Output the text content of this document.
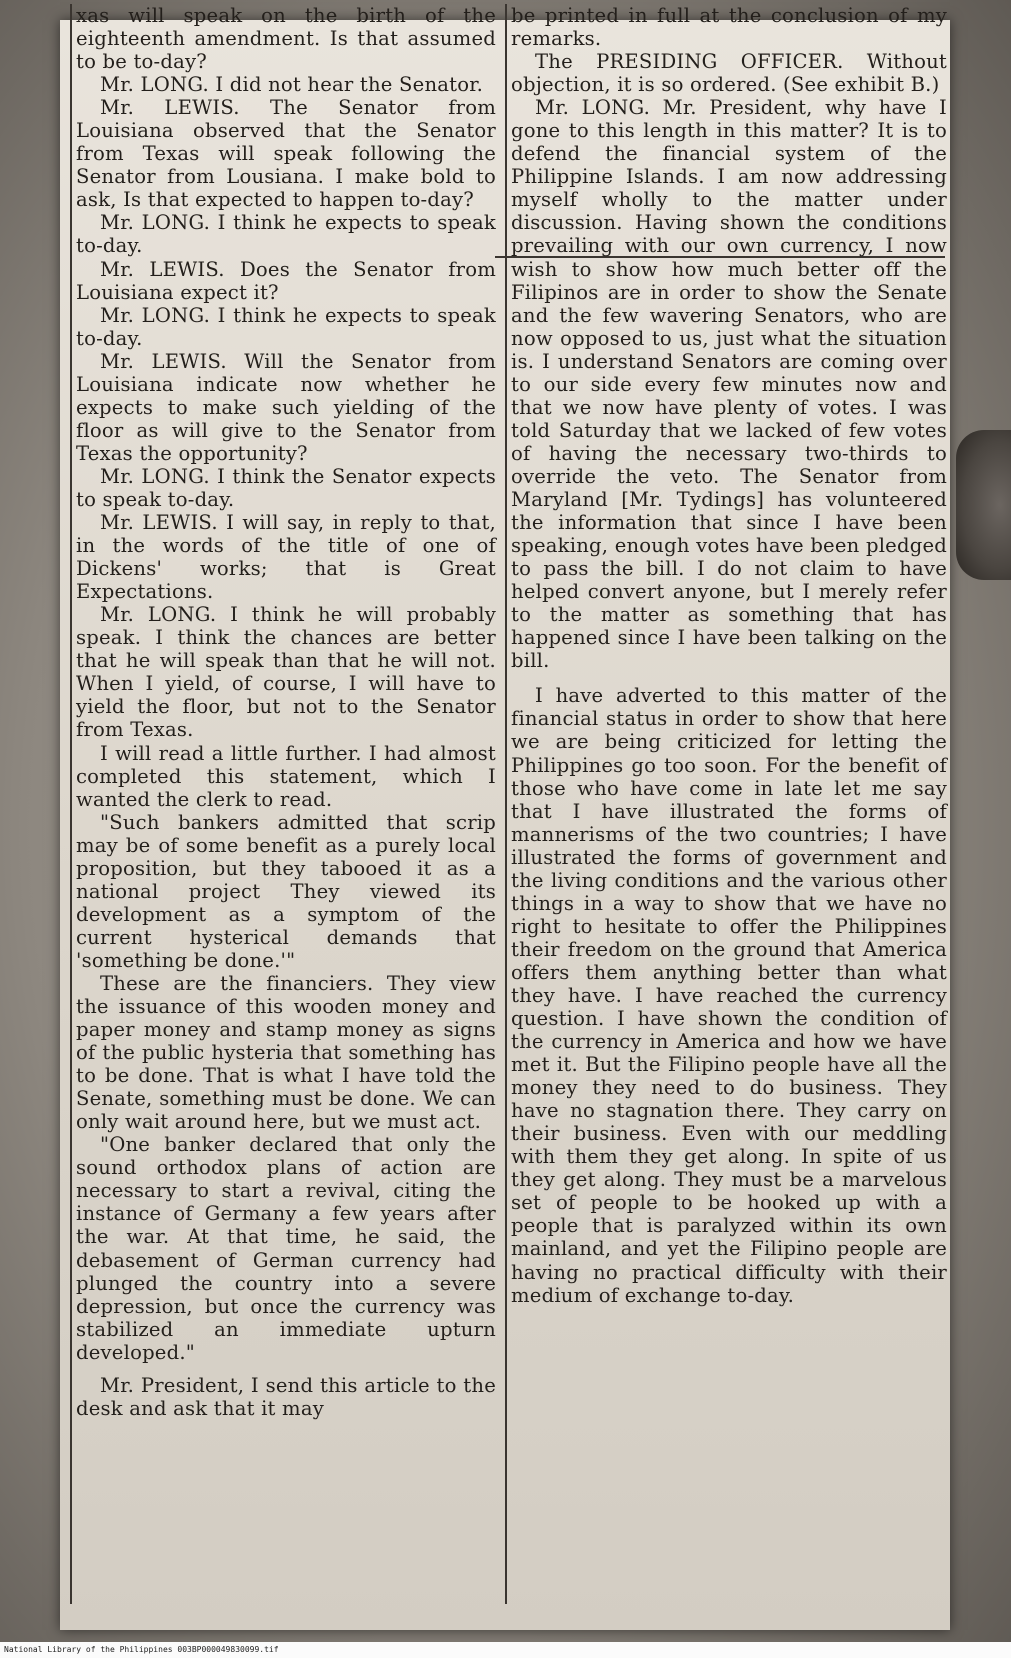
xas will speak on the birth of the eighteenth amendment. Is that assumed to be to-day?

Mr. LONG. I did not hear the Senator.

Mr. LEWIS. The Senator from Louisiana observed that the Senator from Texas will speak following the Senator from Lousiana. I make bold to ask, Is that expected to happen to-day?

Mr. LONG. I think he expects to speak to-day.

Mr. LEWIS. Does the Senator from Louisiana expect it?

Mr. LONG. I think he expects to speak to-day.

Mr. LEWIS. Will the Senator from Louisiana indicate now whether he expects to make such yielding of the floor as will give to the Senator from Texas the opportunity?

Mr. LONG. I think the Senator expects to speak to-day.

Mr. LEWIS. I will say, in reply to that, in the words of the title of one of Dickens' works; that is Great Expectations.

Mr. LONG. I think he will probably speak. I think the chances are better that he will speak than that he will not. When I yield, of course, I will have to yield the floor, but not to the Senator from Texas.

I will read a little further. I had almost completed this statement, which I wanted the clerk to read.

"Such bankers admitted that scrip may be of some benefit as a purely local proposition, but they tabooed it as a national project They viewed its development as a symptom of the current hysterical demands that 'something be done.'"

These are the financiers. They view the issuance of this wooden money and paper money and stamp money as signs of the public hysteria that something has to be done. That is what I have told the Senate, something must be done. We can only wait around here, but we must act.

"One banker declared that only the sound orthodox plans of action are necessary to start a revival, citing the instance of Germany a few years after the war. At that time, he said, the debasement of German currency had plunged the country into a severe depression, but once the currency was stabilized an immediate upturn developed."

Mr. President, I send this article to the desk and ask that it may

be printed in full at the conclusion of my remarks.

The PRESIDING OFFICER. Without objection, it is so ordered. (See exhibit B.)

Mr. LONG. Mr. President, why have I gone to this length in this matter? It is to defend the financial system of the Philippine Islands. I am now addressing myself wholly to the matter under discussion. Having shown the conditions prevailing with our own currency, I now wish to show how much better off the Filipinos are in order to show the Senate and the few wavering Senators, who are now opposed to us, just what the situation is. I understand Senators are coming over to our side every few minutes now and that we now have plenty of votes. I was told Saturday that we lacked of few votes of having the necessary two-thirds to override the veto. The Senator from Maryland [Mr. Tydings] has volunteered the information that since I have been speaking, enough votes have been pledged to pass the bill. I do not claim to have helped convert anyone, but I merely refer to the matter as something that has happened since I have been talking on the bill.

I have adverted to this matter of the financial status in order to show that here we are being criticized for letting the Philippines go too soon. For the benefit of those who have come in late let me say that I have illustrated the forms of mannerisms of the two countries; I have illustrated the forms of government and the living conditions and the various other things in a way to show that we have no right to hesitate to offer the Philippines their freedom on the ground that America offers them anything better than what they have. I have reached the currency question. I have shown the condition of the currency in America and how we have met it. But the Filipino people have all the money they need to do business. They have no stagnation there. They carry on their business. Even with our meddling with them they get along. In spite of us they get along. They must be a marvelous set of people to be hooked up with a people that is paralyzed within its own mainland, and yet the Filipino people are having no practical difficulty with their medium of exchange to-day.

National Library of the Philippines 003BP000049830099.tif
